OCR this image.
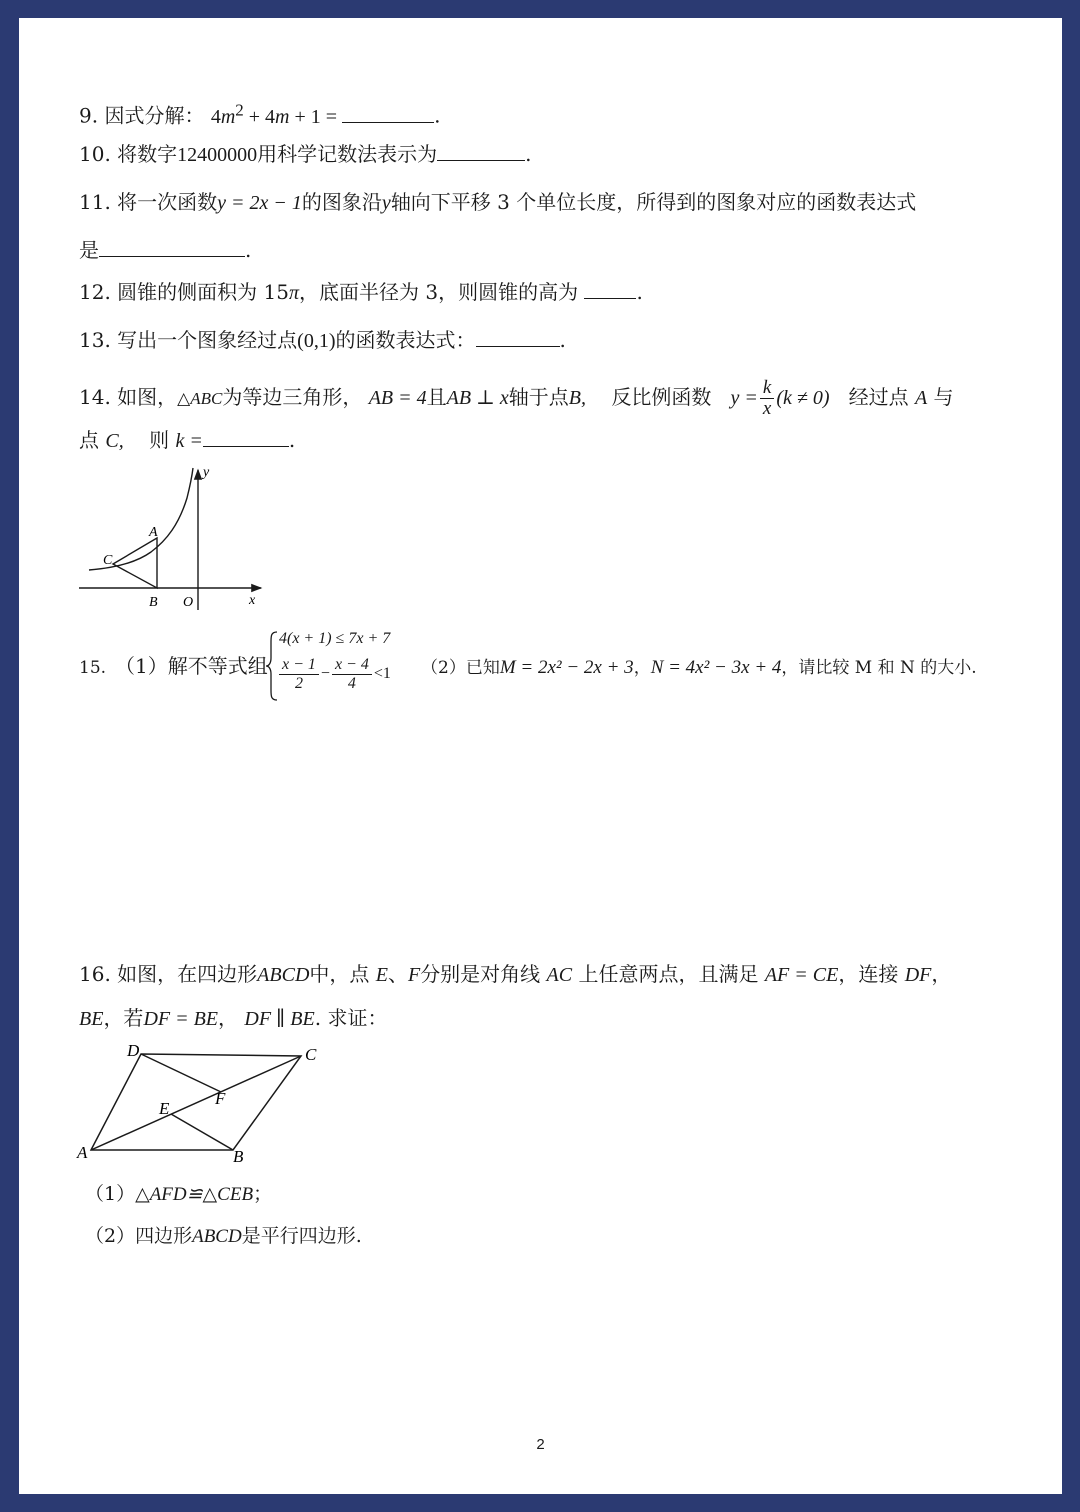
9. 因式分解： $4m^2 + 4m + 1$ =	.
10. 将数字12400000用科学记数法表示为	.
11. 将一次函数y = 2x − 1的图象沿y轴向下平移 3 个单位长度，所得到的图象对应的函数表达式
是	.
12. 圆锥的侧面积为 15π，底面半径为 3，则圆锥的高为	.
13. 写出一个图象经过点(0,1)的函数表达式：	.
14. 如图，△ABC为等边三角形， AB = 4且AB ⊥ x轴于点B, 反比例函数 $y = \frac{k}{x} (k \ne 0)$ 经过点 A 与
点 C, 则 k =	.
y
x
O
B
A
C
15. （1）解不等式组
4(x + 1) ≤ 7x + 7
$\frac{x - 1}{2} - \frac{x - 4}{4} <1$ （2）已知M = 2x² − 2x + 3，N = 4x² − 3x + 4，请比较 M 和 N 的大小.
16. 如图，在四边形ABCD中，点 E、F分别是对角线 AC 上任意两点，且满足 AF = CE，连接 DF，
BE，若DF = BE， DF ∥ BE. 求证：
A	B
C
D
E
F
（1）△AFD≌△CEB；
（2）四边形ABCD是平行四边形.
2
